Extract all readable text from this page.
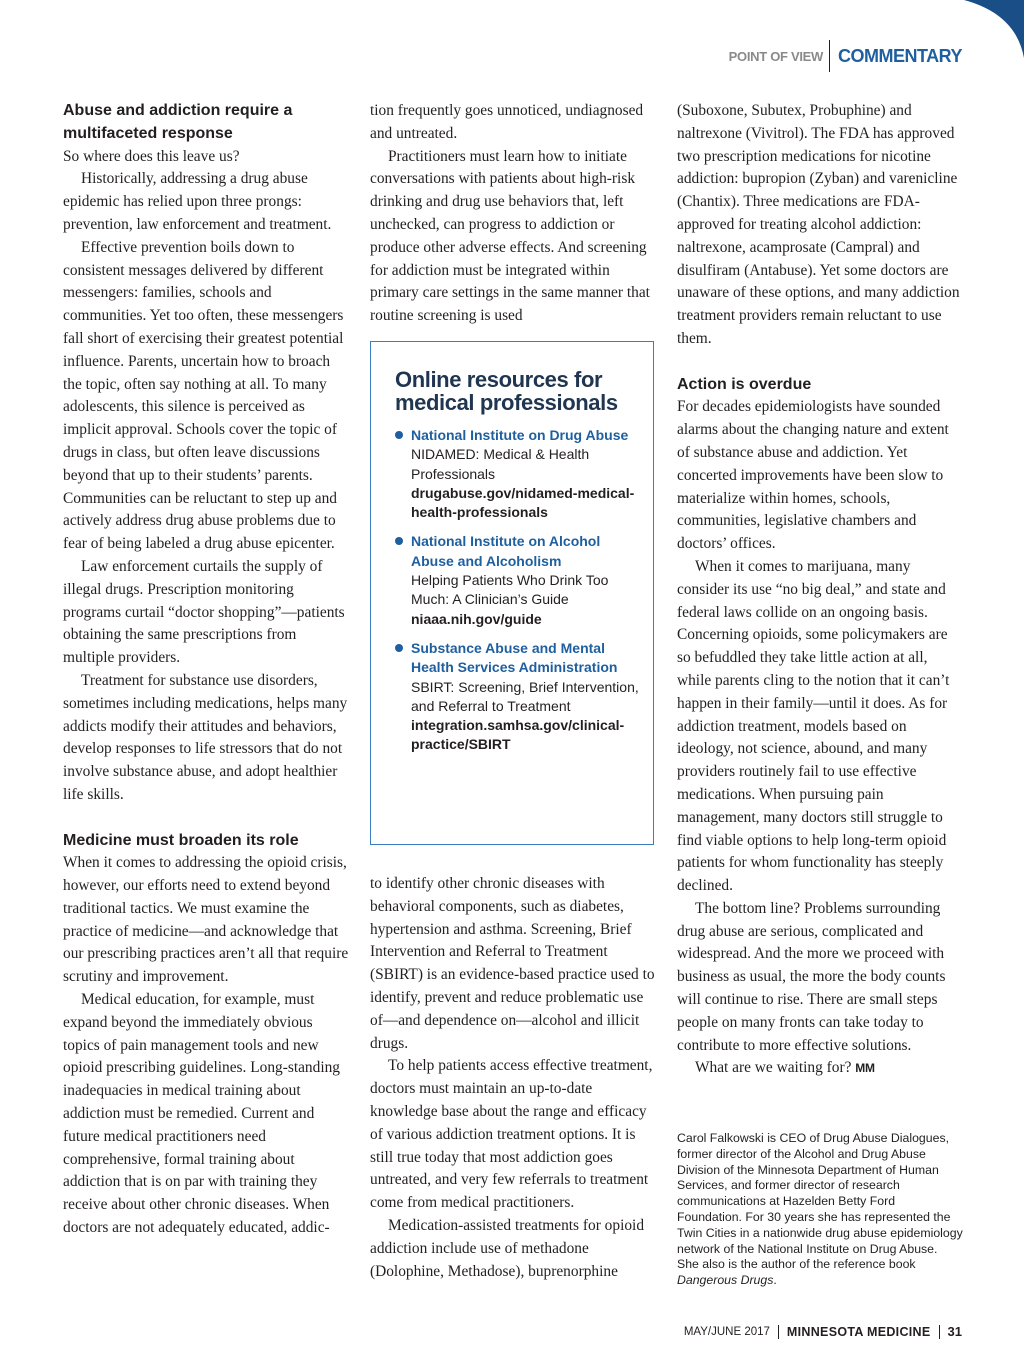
POINT OF VIEW COMMENTARY
Abuse and addiction require a multifaceted response

So where does this leave us?

Historically, addressing a drug abuse epidemic has relied upon three prongs: prevention, law enforcement and treatment.

Effective prevention boils down to consistent messages delivered by different messengers: families, schools and communities. Yet too often, these messengers fall short of exercising their greatest potential influence. Parents, uncertain how to broach the topic, often say nothing at all. To many adolescents, this silence is perceived as implicit approval. Schools cover the topic of drugs in class, but often leave discussions beyond that up to their students’ parents. Communities can be reluctant to step up and actively address drug abuse problems due to fear of being labeled a drug abuse epicenter.

Law enforcement curtails the supply of illegal drugs. Prescription monitoring programs curtail “doctor shopping”—patients obtaining the same prescriptions from multiple providers.

Treatment for substance use disorders, sometimes including medications, helps many addicts modify their attitudes and behaviors, develop responses to life stressors that do not involve substance abuse, and adopt healthier life skills.

Medicine must broaden its role

When it comes to addressing the opioid crisis, however, our efforts need to extend beyond traditional tactics. We must examine the practice of medicine—and acknowledge that our prescribing practices aren’t all that require scrutiny and improvement.

Medical education, for example, must expand beyond the immediately obvious topics of pain management tools and new opioid prescribing guidelines. Long-standing inadequacies in medical training about addiction must be remedied. Current and future medical practitioners need comprehensive, formal training about addiction that is on par with training they receive about other chronic diseases. When doctors are not adequately educated, addic-

tion frequently goes unnoticed, undiagnosed and untreated.

Practitioners must learn how to initiate conversations with patients about high-risk drinking and drug use behaviors that, left unchecked, can progress to addiction or produce other adverse effects. And screening for addiction must be integrated within primary care settings in the same manner that routine screening is used

Online resources for medical professionals
National Institute on Drug Abuse
NIDAMED: Medical & Health Professionals
drugabuse.gov/nidamed-medical-health-professionals
National Institute on Alcohol Abuse and Alcoholism
Helping Patients Who Drink Too Much: A Clinician’s Guide
niaaa.nih.gov/guide
Substance Abuse and Mental Health Services Administration
SBIRT: Screening, Brief Intervention, and Referral to Treatment
integration.samhsa.gov/clinical-practice/SBIRT

to identify other chronic diseases with behavioral components, such as diabetes, hypertension and asthma. Screening, Brief Intervention and Referral to Treatment (SBIRT) is an evidence-based practice used to identify, prevent and reduce problematic use of—and dependence on—alcohol and illicit drugs.

To help patients access effective treatment, doctors must maintain an up-to-date knowledge base about the range and efficacy of various addiction treatment options. It is still true today that most addiction goes untreated, and very few referrals to treatment come from medical practitioners.

Medication-assisted treatments for opioid addiction include use of methadone (Dolophine, Methadose), buprenorphine

(Suboxone, Subutex, Probuphine) and naltrexone (Vivitrol). The FDA has approved two prescription medications for nicotine addiction: bupropion (Zyban) and varenicline (Chantix). Three medications are FDA-approved for treating alcohol addiction: naltrexone, acamprosate (Campral) and disulfiram (Antabuse). Yet some doctors are unaware of these options, and many addiction treatment providers remain reluctant to use them.

Action is overdue

For decades epidemiologists have sounded alarms about the changing nature and extent of substance abuse and addiction. Yet concerted improvements have been slow to materialize within homes, schools, communities, legislative chambers and doctors’ offices.

When it comes to marijuana, many consider its use “no big deal,” and state and federal laws collide on an ongoing basis. Concerning opioids, some policymakers are so befuddled they take little action at all, while parents cling to the notion that it can’t happen in their family—until it does. As for addiction treatment, models based on ideology, not science, abound, and many providers routinely fail to use effective medications. When pursuing pain management, many doctors still struggle to find viable options to help long-term opioid patients for whom functionality has steeply declined.

The bottom line? Problems surrounding drug abuse are serious, complicated and widespread. And the more we proceed with business as usual, the more the body counts will continue to rise. There are small steps people on many fronts can take today to contribute to more effective solutions.

What are we waiting for? MM

Carol Falkowski is CEO of Drug Abuse Dialogues, former director of the Alcohol and Drug Abuse Division of the Minnesota Department of Human Services, and former director of research communications at Hazelden Betty Ford Foundation. For 30 years she has represented the Twin Cities in a nationwide drug abuse epidemiology network of the National Institute on Drug Abuse.

She also is the author of the reference book Dangerous Drugs.

MAY/JUNE 2017 MINNESOTA MEDICINE 31
